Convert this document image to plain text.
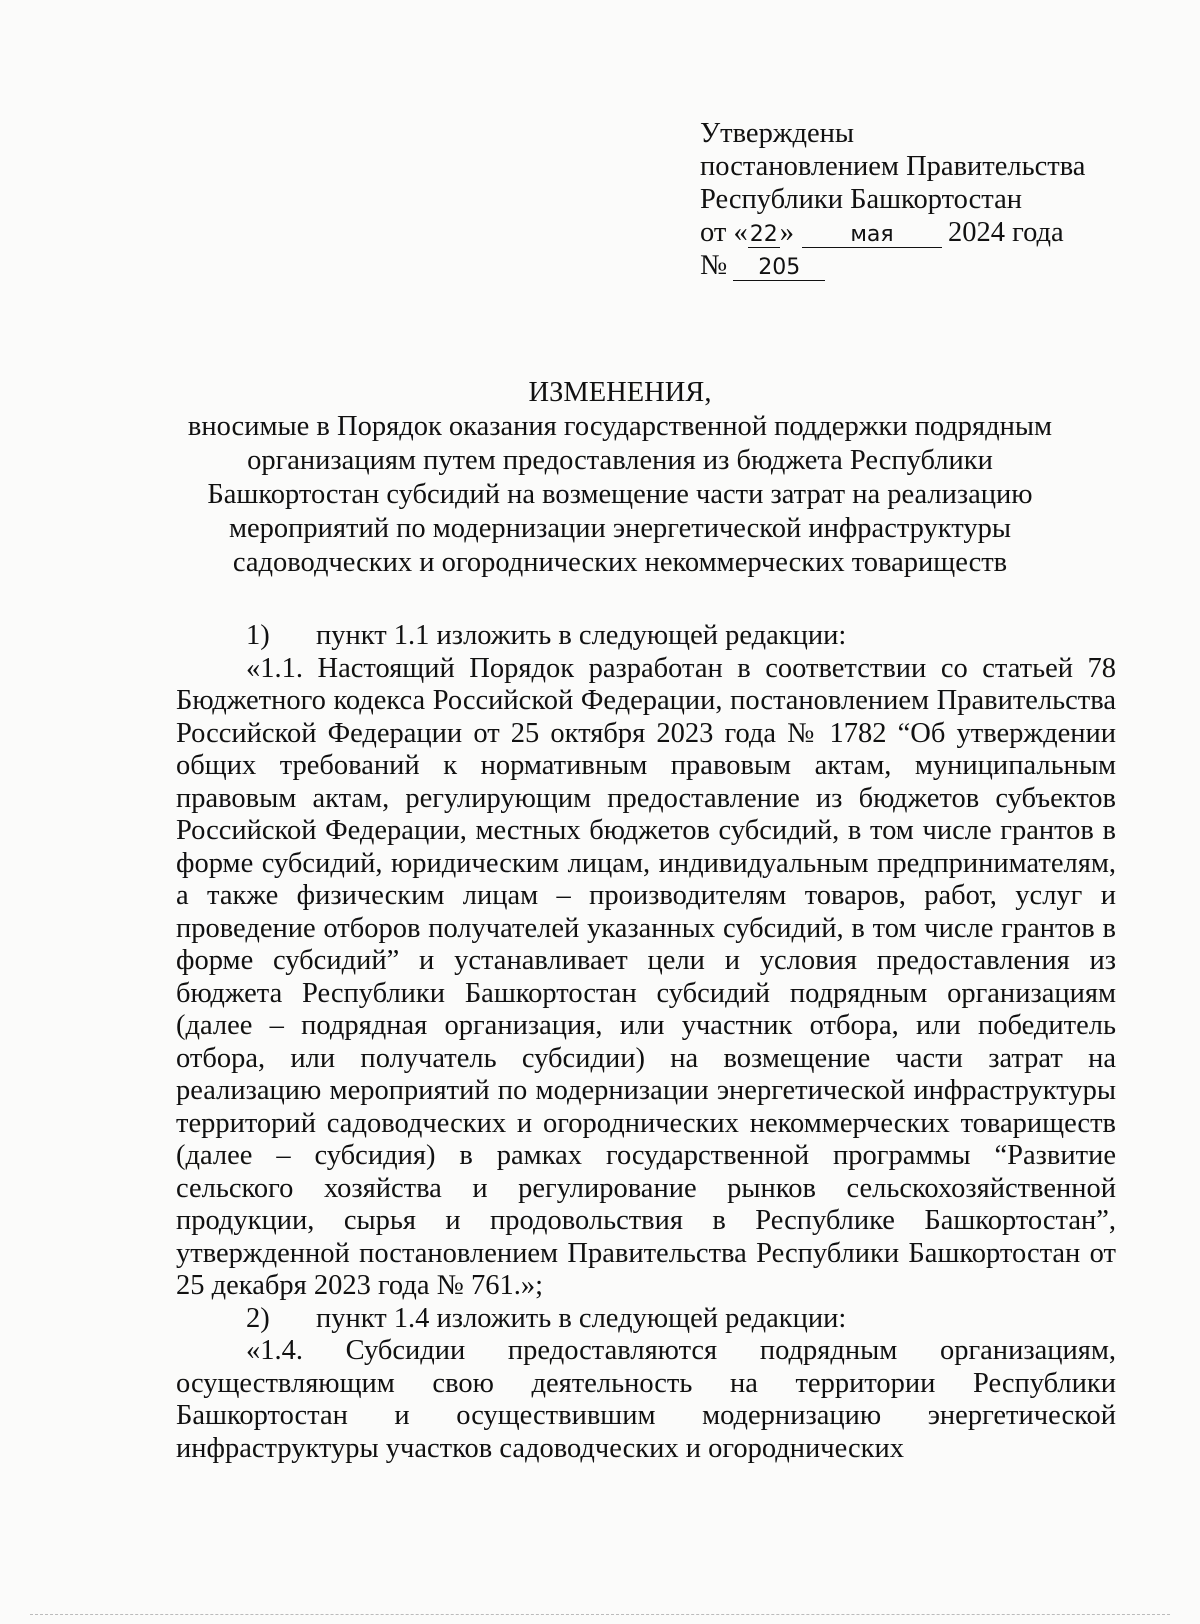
Утверждены
постановлением Правительства
Республики Башкортостан
от «22»	мая 2024 года
№ 205
ИЗМЕНЕНИЯ,
вносимые в Порядок оказания государственной поддержки подрядным
организациям путем предоставления из бюджета Республики
Башкортостан субсидий на возмещение части затрат на реализацию
мероприятий по модернизации энергетической инфраструктуры
садоводческих и огороднических некоммерческих товариществ

1) пункт 1.1 изложить в следующей редакции:

«1.1. Настоящий Порядок разработан в соответствии со статьей 78 Бюджетного кодекса Российской Федерации, постановлением Правительства Российской Федерации от 25 октября 2023 года № 1782 “Об утверждении общих требований к нормативным правовым актам, муниципальным правовым актам, регулирующим предоставление из бюджетов субъектов Российской Федерации, местных бюджетов субсидий, в том числе грантов в форме субсидий, юридическим лицам, индивидуальным предпринимателям, а также физическим лицам – производителям товаров, работ, услуг и проведение отборов получателей указанных субсидий, в том числе грантов в форме субсидий” и устанавливает цели и условия предоставления из бюджета Республики Башкортостан субсидий подрядным организациям (далее – подрядная организация, или участник отбора, или победитель отбора, или получатель субсидии) на возмещение части затрат на реализацию мероприятий по модернизации энергетической инфраструктуры территорий садоводческих и огороднических некоммерческих товариществ (далее – субсидия) в рамках государственной программы “Развитие сельского хозяйства и регулирование рынков сельскохозяйственной продукции, сырья и продовольствия в Республике Башкортостан”, утвержденной постановлением Правительства Республики Башкортостан от 25 декабря 2023 года № 761.»;

2) пункт 1.4 изложить в следующей редакции:

«1.4. Субсидии предоставляются подрядным организациям, осуществляющим свою деятельность на территории Республики Башкортостан и осуществившим модернизацию энергетической инфраструктуры участков садоводческих и огороднических
